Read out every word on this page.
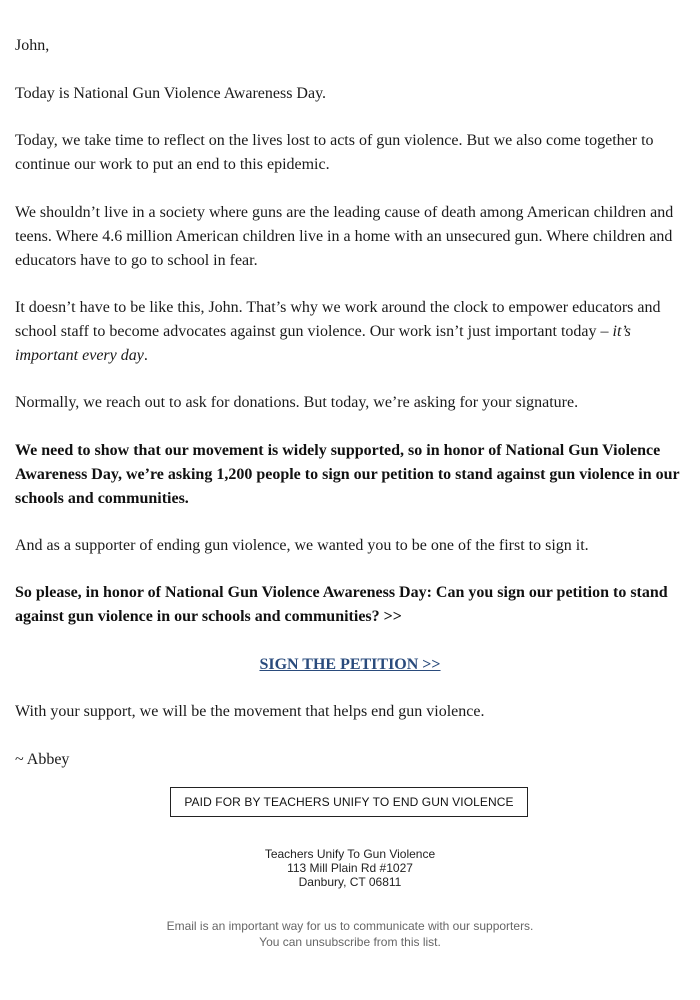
John,

Today is National Gun Violence Awareness Day.

Today, we take time to reflect on the lives lost to acts of gun violence. But we also come together to continue our work to put an end to this epidemic.

We shouldn’t live in a society where guns are the leading cause of death among American children and teens. Where 4.6 million American children live in a home with an unsecured gun. Where children and educators have to go to school in fear.

It doesn’t have to be like this, John. That’s why we work around the clock to empower educators and school staff to become advocates against gun violence. Our work isn’t just important today – it’s important every day.

Normally, we reach out to ask for donations. But today, we’re asking for your signature.

We need to show that our movement is widely supported, so in honor of National Gun Violence Awareness Day, we’re asking 1,200 people to sign our petition to stand against gun violence in our schools and communities.

And as a supporter of ending gun violence, we wanted you to be one of the first to sign it.

So please, in honor of National Gun Violence Awareness Day: Can you sign our petition to stand against gun violence in our schools and communities? >>

SIGN THE PETITION >>

With your support, we will be the movement that helps end gun violence.

~ Abbey

PAID FOR BY TEACHERS UNIFY TO END GUN VIOLENCE
Teachers Unify To Gun Violence
113 Mill Plain Rd #1027
Danbury, CT 06811
Email is an important way for us to communicate with our supporters.
You can unsubscribe from this list.
